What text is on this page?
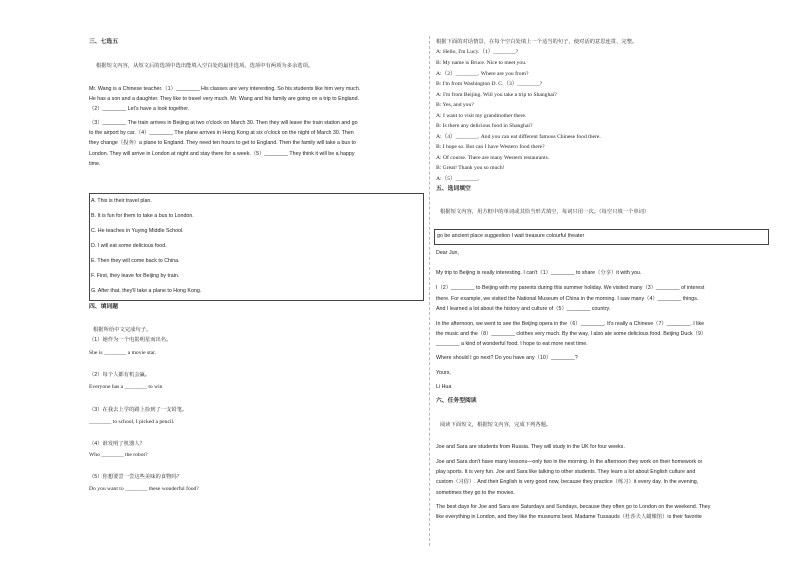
三、七选五
根据短文内容，从短文后的选项中选出能填入空白处的最佳选项。选项中有两项为多余选项。
Mr. Wang is a Chinese teacher.（1）________ His classes are very interesting. So his students like him very much.
He has a son and a daughter. They like to travel very much. Mr. Wang and his family are going on a trip to England.
（2）________ Let's have a look together.
（3）________ The train arrives in Beijing at two o'clock on March 30. Then they will leave the train station and go
to the airport by car.（4）________ The plane arrives in Hong Kong at six o'clock on the night of March 30. Then
they change（投奔）a plane to England. They need ten hours to get to England. Then the family will take a bus to
London. They will arrive in London at night and stay there for a week.（5）________ They think it will be a happy
time.
A. This is their travel plan.
B. It is fun for them to take a bus to London.
C. He teaches in Yuying Middle School.
D. I will eat some delicious food.
E. Then they will come back to China.
F. First, they leave for Beijing by train.
G. After that, they'll take a plane to Hong Kong.
四、填词题
根据所给中文完成句子。
（1）她作为一个电影明星而出名。
She is ________ a movie star.
（2）每个人都有机会赢。
Everyone has a ________ to win
（3）在我去上学的路上捡到了一支铅笔。
________ to school, I picked a pencil.
（4）谁发明了机器人？
Who ________ the robot?
（5）你想要尝一尝这些美味的食物吗？
Do you want to ________ these wonderful food?
根据下面的对话情景，在每个空白处填上一个适当的句子，使对话的意思连贯、完整。
A: Hello, I'm Lucy.（1）________?
B: My name is Bruce. Nice to meet you.
A:（2）________. Where are you from?
B: I'm from Washington D. C.（3）________?
A: I'm from Beijing. Will you take a trip to Shanghai?
B: Yes, and you?
A: I want to visit my grandmother there.
B: Is there any delicious food in Shanghai?
A:（4）________. And you can eat different famous Chinese food there.
B: I hope so. But can I have Western food there?
A: Of course. There are many Western restaurants.
B: Great! Thank you so much!
A:（5）________.
五、选词填空
根据短文内容，用方框中的单词或其恰当形式填空，每词只用一次。（每空只填一个单词）
go be ancient place suggestion I wait treasure colourful theater
Dear Jun,
My trip to Beijing is really interesting. I can't（1）________ to share（分享）it with you.
I（2）________ to Beijing with my parents during this summer holiday. We visited many（3）________ of interest
there. For example, we visited the National Museum of China in the morning. I saw many（4）________ things.
And I learned a lot about the history and culture of（5）________ country.
In the afternoon, we went to see the Beijing opera in the（6）________. It's really a Chinese（7）________. I like
the music and the（8）________ clothes very much. By the way, I also ate some delicious food. Beijing Duck（9）
________ a kind of wonderful food. I hope to eat more next time.
Where should I go next? Do you have any（10）________?
Yours,
Li Hua
六、任务型阅读
阅读下面短文，根据短文内容，完成下列各题。
Joe and Sara are students from Russia. They will study in the UK for four weeks.
Joe and Sara don't have many lessons—only two in the morning. In the afternoon they work on their homework or
play sports. It is very fun. Joe and Sara like talking to other students. They learn a lot about English culture and
custom（习俗）. And their English is very good now, because they practice（练习）it every day. In the evening,
sometimes they go to the movies.
The best days for Joe and Sara are Saturdays and Sundays, because they often go to London on the weekend. They
like everything in London, and they like the museums best. Madame Tussauds（杜莎夫人蜡像馆）is their favorite
